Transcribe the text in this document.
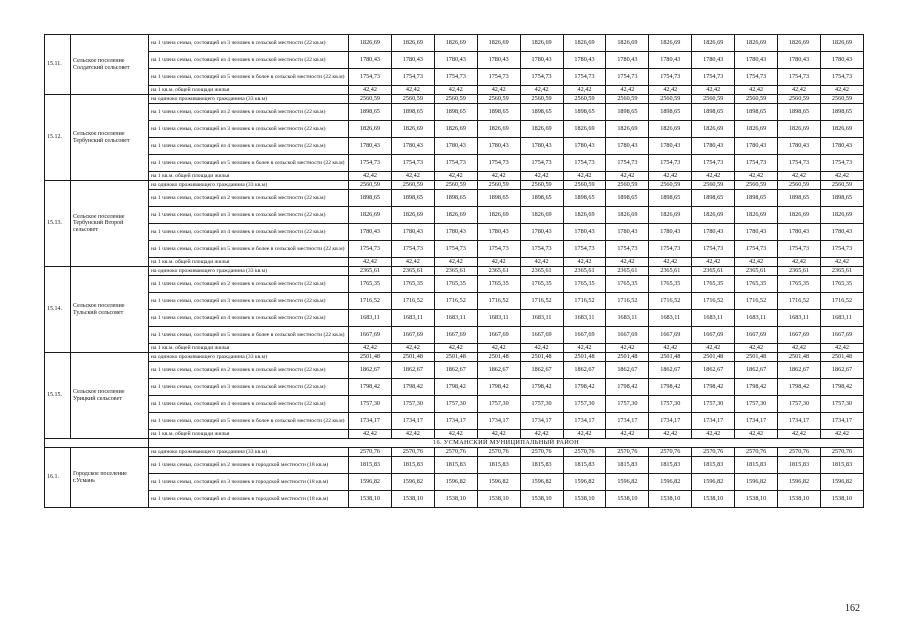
15.11.	Сельское поселение Солдатский сельсовет	на 1 члена семьи, состоящей из 3 человек в сельской местности (22 кв.м)	1826,69	1826,69	1826,69	1826,69	1826,69	1826,69	1826,69	1826,69	1826,69	1826,69	1826,69	1826,69
		на 1 члена семьи, состоящей из 4 человек в сельской местности (22 кв.м)	1780,43	1780,43	1780,43	1780,43	1780,43	1780,43	1780,43	1780,43	1780,43	1780,43	1780,43	1780,43
		на 1 члена семьи, состоящей из 5 человек и более в сельской местности (22 кв.м)	1754,73	1754,73	1754,73	1754,73	1754,73	1754,73	1754,73	1754,73	1754,73	1754,73	1754,73	1754,73
		на 1 кв.м. общей площади жилья	42,42	42,42	42,42	42,42	42,42	42,42	42,42	42,42	42,42	42,42	42,42	42,42
15.12.	Сельское поселение Тербунский сельсовет	на одиноко проживающего гражданина (33 кв.м)	2560,59	2560,59	2560,59	2560,59	2560,59	2560,59	2560,59	2560,59	2560,59	2560,59	2560,59	2560,59
		на 1 члена семьи, состоящей из 2 человек в сельской местности (22 кв.м)	1898,65	1898,65	1898,65	1898,65	1898,65	1898,65	1898,65	1898,65	1898,65	1898,65	1898,65	1898,65
		на 1 члена семьи, состоящей из 3 человек в сельской местности (22 кв.м)	1826,69	1826,69	1826,69	1826,69	1826,69	1826,69	1826,69	1826,69	1826,69	1826,69	1826,69	1826,69
		на 1 члена семьи, состоящей из 4 человек в сельской местности (22 кв.м)	1780,43	1780,43	1780,43	1780,43	1780,43	1780,43	1780,43	1780,43	1780,43	1780,43	1780,43	1780,43
		на 1 члена семьи, состоящей из 5 человек и более в сельской местности (22 кв.м)	1754,73	1754,73	1754,73	1754,73	1754,73	1754,73	1754,73	1754,73	1754,73	1754,73	1754,73	1754,73
		на 1 кв.м. общей площади жилья	42,42	42,42	42,42	42,42	42,42	42,42	42,42	42,42	42,42	42,42	42,42	42,42
15.13.	Сельское поселение Тербунский Второй сельсовет	на одиноко проживающего гражданина (33 кв.м)	2560,59	2560,59	2560,59	2560,59	2560,59	2560,59	2560,59	2560,59	2560,59	2560,59	2560,59	2560,59
		на 1 члена семьи, состоящей из 2 человек в сельской местности (22 кв.м)	1898,65	1898,65	1898,65	1898,65	1898,65	1898,65	1898,65	1898,65	1898,65	1898,65	1898,65	1898,65
		на 1 члена семьи, состоящей из 3 человек в сельской местности (22 кв.м)	1826,69	1826,69	1826,69	1826,69	1826,69	1826,69	1826,69	1826,69	1826,69	1826,69	1826,69	1826,69
		на 1 члена семьи, состоящей из 4 человек в сельской местности (22 кв.м)	1780,43	1780,43	1780,43	1780,43	1780,43	1780,43	1780,43	1780,43	1780,43	1780,43	1780,43	1780,43
		на 1 члена семьи, состоящей из 5 человек и более в сельской местности (22 кв.м)	1754,73	1754,73	1754,73	1754,73	1754,73	1754,73	1754,73	1754,73	1754,73	1754,73	1754,73	1754,73
		на 1 кв.м. общей площади жилья	42,42	42,42	42,42	42,42	42,42	42,42	42,42	42,42	42,42	42,42	42,42	42,42
15.14.	Сельское поселение Тульский сельсовет	на одиноко проживающего гражданина (33 кв.м)	2365,61	2365,61	2365,61	2365,61	2365,61	2365,61	2365,61	2365,61	2365,61	2365,61	2365,61	2365,61
		на 1 члена семьи, состоящей из 2 человек в сельской местности (22 кв.м)	1765,35	1765,35	1765,35	1765,35	1765,35	1765,35	1765,35	1765,35	1765,35	1765,35	1765,35	1765,35
		на 1 члена семьи, состоящей из 3 человек в сельской местности (22 кв.м)	1716,52	1716,52	1716,52	1716,52	1716,52	1716,52	1716,52	1716,52	1716,52	1716,52	1716,52	1716,52
		на 1 члена семьи, состоящей из 4 человек в сельской местности (22 кв.м)	1683,11	1683,11	1683,11	1683,11	1683,11	1683,11	1683,11	1683,11	1683,11	1683,11	1683,11	1683,11
		на 1 члена семьи, состоящей из 5 человек и более в сельской местности (22 кв.м)	1667,69	1667,69	1667,69	1667,69	1667,69	1667,69	1667,69	1667,69	1667,69	1667,69	1667,69	1667,69
		на 1 кв.м. общей площади жилья	42,42	42,42	42,42	42,42	42,42	42,42	42,42	42,42	42,42	42,42	42,42	42,42
15.15.	Сельское поселение Урицкий сельсовет	на одиноко проживающего гражданина (33 кв.м)	2501,48	2501,48	2501,48	2501,48	2501,48	2501,48	2501,48	2501,48	2501,48	2501,48	2501,48	2501,48
		на 1 члена семьи, состоящей из 2 человек в сельской местности (22 кв.м)	1862,67	1862,67	1862,67	1862,67	1862,67	1862,67	1862,67	1862,67	1862,67	1862,67	1862,67	1862,67
		на 1 члена семьи, состоящей из 3 человек в сельской местности (22 кв.м)	1798,42	1798,42	1798,42	1798,42	1798,42	1798,42	1798,42	1798,42	1798,42	1798,42	1798,42	1798,42
		на 1 члена семьи, состоящей из 4 человек в сельской местности (22 кв.м)	1757,30	1757,30	1757,30	1757,30	1757,30	1757,30	1757,30	1757,30	1757,30	1757,30	1757,30	1757,30
		на 1 члена семьи, состоящей из 5 человек и более в сельской местности (22 кв.м)	1734,17	1734,17	1734,17	1734,17	1734,17	1734,17	1734,17	1734,17	1734,17	1734,17	1734,17	1734,17
		на 1 кв.м. общей площади жилья	42,42	42,42	42,42	42,42	42,42	42,42	42,42	42,42	42,42	42,42	42,42	42,42
		16. УСМАНСКИЙ МУНИЦИПАЛЬНЫЙ РАЙОН												
16.1.	Городское поселение г.Усмань	на одиноко проживающего гражданина (33 кв.м)	2570,76	2570,76	2570,76	2570,76	2570,76	2570,76	2570,76	2570,76	2570,76	2570,76	2570,76	2570,76
		на 1 члена семьи, состоящей из 2 человек в городской местности (18 кв.м)	1815,83	1815,83	1815,83	1815,83	1815,83	1815,83	1815,83	1815,83	1815,83	1815,83	1815,83	1815,83
		на 1 члена семьи, состоящей из 3 человек в городской местности (18 кв.м)	1596,82	1596,82	1596,82	1596,82	1596,82	1596,82	1596,82	1596,82	1596,82	1596,82	1596,82	1596,82
		на 1 члена семьи, состоящей из 4 человек в городской местности (18 кв.м)	1538,10	1538,10	1538,10	1538,10	1538,10	1538,10	1538,10	1538,10	1538,10	1538,10	1538,10	1538,10
162
